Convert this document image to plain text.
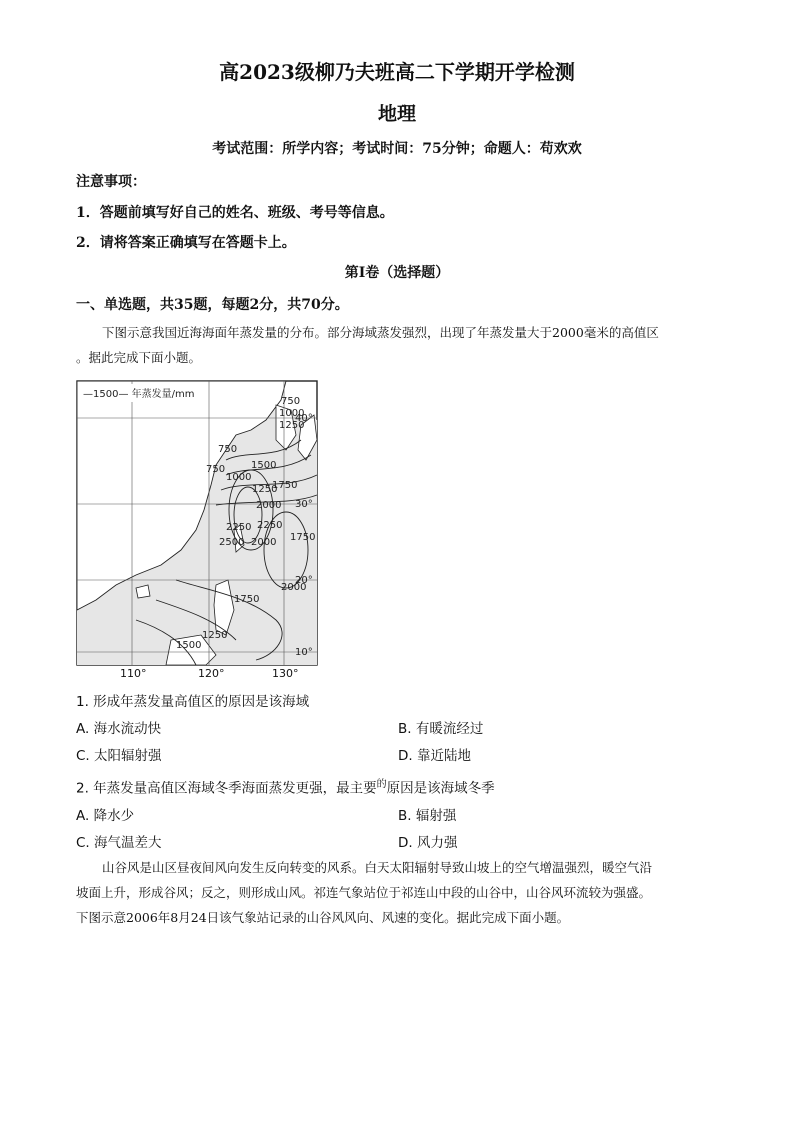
高2023级柳乃夫班高二下学期开学检测
地理
考试范围：所学内容；考试时间：75分钟；命题人：苟欢欢
注意事项：
1．答题前填写好自己的姓名、班级、考号等信息。
2．请将答案正确填写在答题卡上。
第I卷（选择题）
一、单选题，共35题，每题2分，共70分。
下图示意我国近海海面年蒸发量的分布。部分海域蒸发强烈，出现了年蒸发量大于2000毫米的高值区
。据此完成下面小题。
—1500— 年蒸发量/mm
750
1000
1250
750
1000
1500
1250
750
1750
2000
2250
2500
2250
2000 1750
2000
1750
1500
1250
40°
30°
20°
10°
110°	120°	130°
1. 形成年蒸发量高值区的原因是该海域
A. 海水流动快	B. 有暖流经过
C. 太阳辐射强	D. 靠近陆地
2. 年蒸发量高值区海域冬季海面蒸发更强，最主要$^的$原因是该海域冬季
A. 降水少	B. 辐射强
C. 海气温差大	D. 风力强
山谷风是山区昼夜间风向发生反向转变的风系。白天太阳辐射导致山坡上的空气增温强烈，暖空气沿
坡面上升，形成谷风；反之，则形成山风。祁连气象站位于祁连山中段的山谷中，山谷风环流较为强盛。
下图示意2006年8月24日该气象站记录的山谷风风向、风速的变化。据此完成下面小题。
